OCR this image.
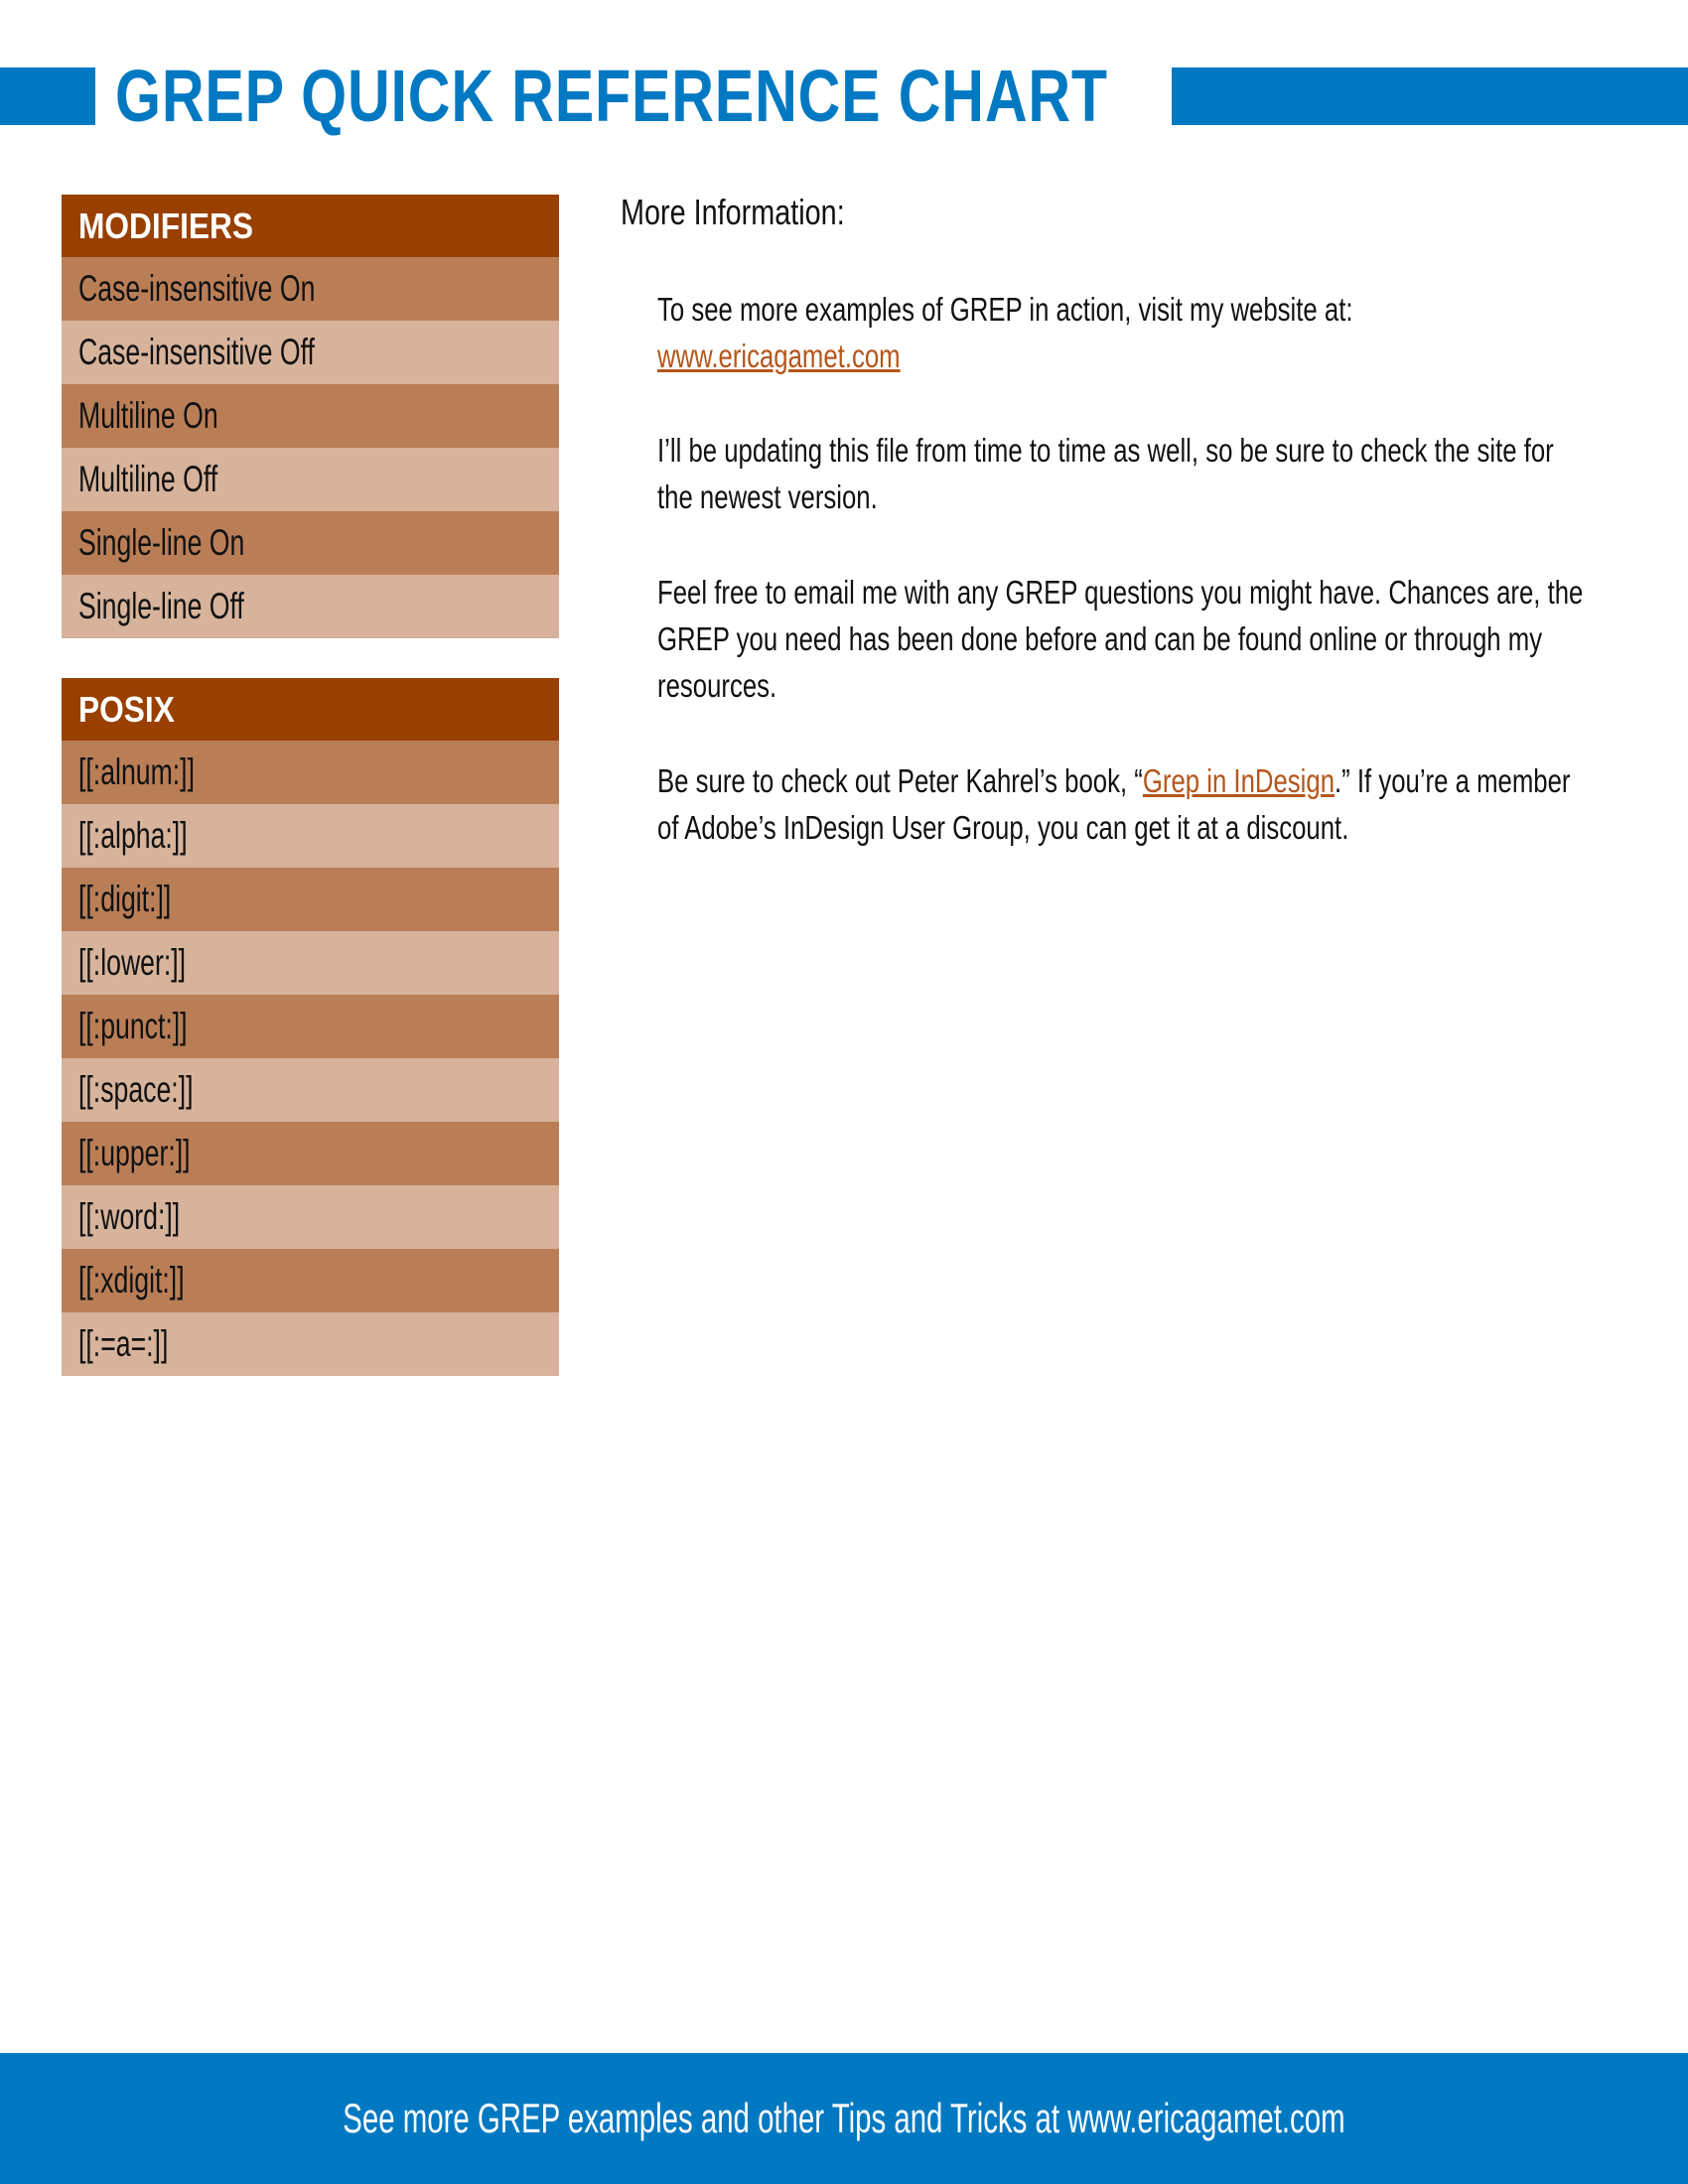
GREP QUICK REFERENCE CHART
MODIFIERS
Case-insensitive On
Case-insensitive Off
Multiline On
Multiline Off
Single-line On
Single-line Off
POSIX
[[:alnum:]]
[[:alpha:]]
[[:digit:]]
[[:lower:]]
[[:punct:]]
[[:space:]]
[[:upper:]]
[[:word:]]
[[:xdigit:]]
[[:=a=:]]
More Information:
To see more examples of GREP in action, visit my website at:
www.ericagamet.com
I’ll be updating this file from time to time as well, so be sure to check the site for
the newest version.
Feel free to email me with any GREP questions you might have. Chances are, the
GREP you need has been done before and can be found online or through my
resources.
Be sure to check out Peter Kahrel’s book, “Grep in InDesign.” If you’re a member
of Adobe’s InDesign User Group, you can get it at a discount.
See more GREP examples and other Tips and Tricks at www.ericagamet.com
